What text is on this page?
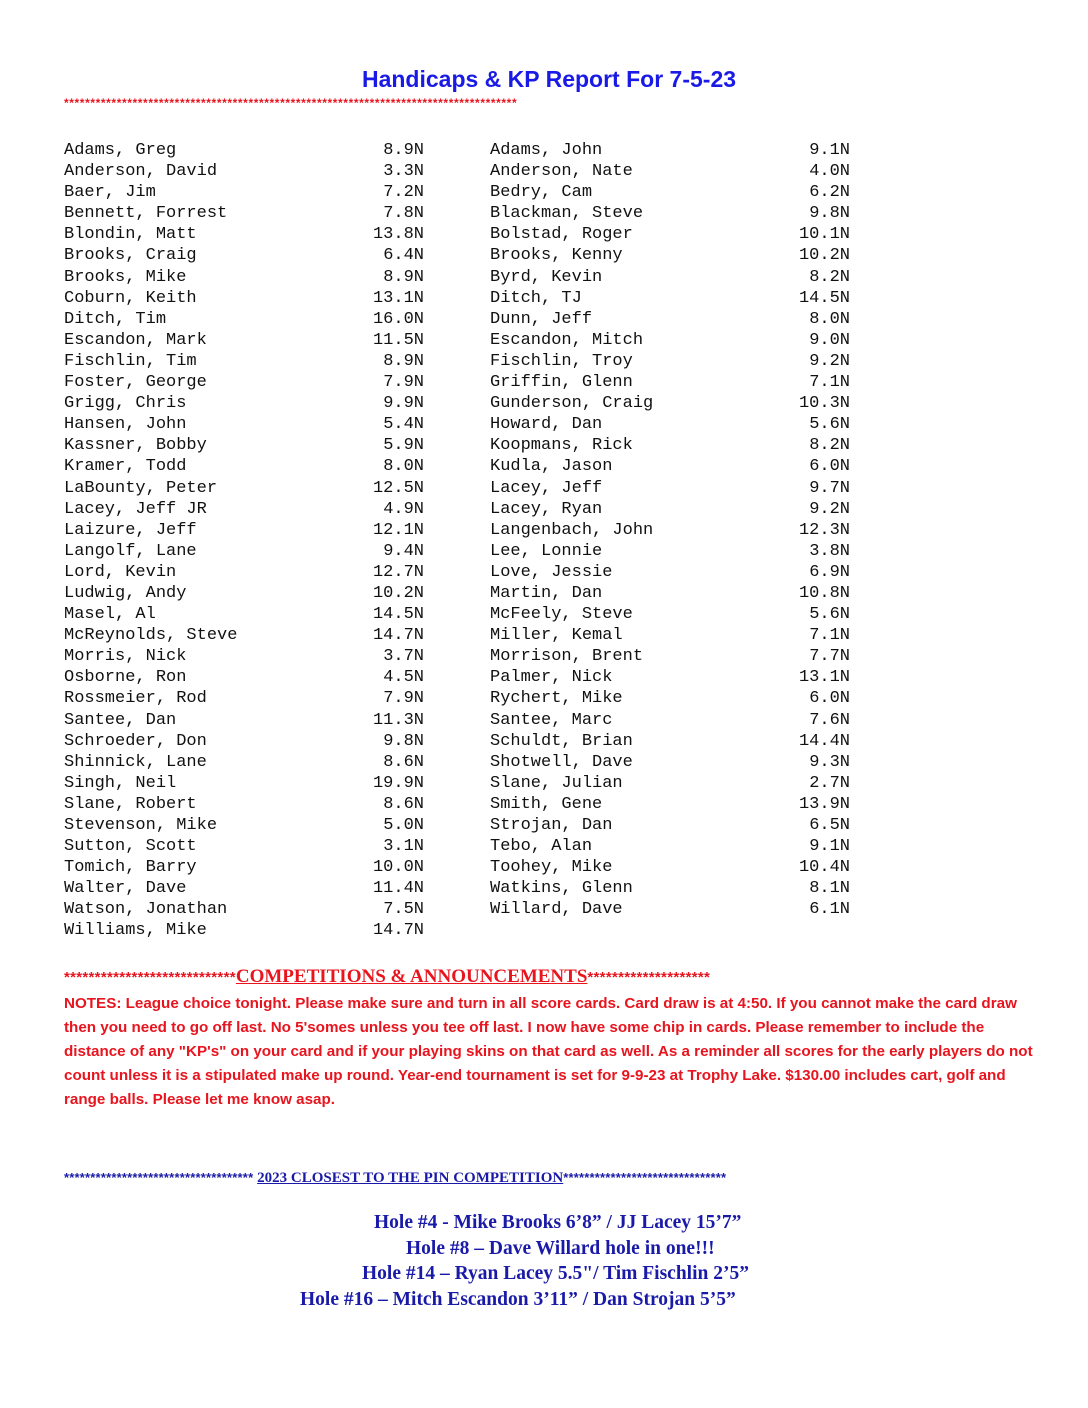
Handicaps & KP Report For 7-5-23
**************************************************************************************
Adams, Greg	8.9N
Anderson, David	3.3N
Baer, Jim	7.2N
Bennett, Forrest	7.8N
Blondin, Matt	13.8N
Brooks, Craig	6.4N
Brooks, Mike	8.9N
Coburn, Keith	13.1N
Ditch, Tim	16.0N
Escandon, Mark	11.5N
Fischlin, Tim	8.9N
Foster, George	7.9N
Grigg, Chris	9.9N
Hansen, John	5.4N
Kassner, Bobby	5.9N
Kramer, Todd	8.0N
LaBounty, Peter	12.5N
Lacey, Jeff JR	4.9N
Laizure, Jeff	12.1N
Langolf, Lane	9.4N
Lord, Kevin	12.7N
Ludwig, Andy	10.2N
Masel, Al	14.5N
McReynolds, Steve	14.7N
Morris, Nick	3.7N
Osborne, Ron	4.5N
Rossmeier, Rod	7.9N
Santee, Dan	11.3N
Schroeder, Don	9.8N
Shinnick, Lane	8.6N
Singh, Neil	19.9N
Slane, Robert	8.6N
Stevenson, Mike	5.0N
Sutton, Scott	3.1N
Tomich, Barry	10.0N
Walter, Dave	11.4N
Watson, Jonathan	7.5N
Williams, Mike	14.7N
Adams, John	9.1N
Anderson, Nate	4.0N
Bedry, Cam	6.2N
Blackman, Steve	9.8N
Bolstad, Roger	10.1N
Brooks, Kenny	10.2N
Byrd, Kevin	8.2N
Ditch, TJ	14.5N
Dunn, Jeff	8.0N
Escandon, Mitch	9.0N
Fischlin, Troy	9.2N
Griffin, Glenn	7.1N
Gunderson, Craig	10.3N
Howard, Dan	5.6N
Koopmans, Rick	8.2N
Kudla, Jason	6.0N
Lacey, Jeff	9.7N
Lacey, Ryan	9.2N
Langenbach, John	12.3N
Lee, Lonnie	3.8N
Love, Jessie	6.9N
Martin, Dan	10.8N
McFeely, Steve	5.6N
Miller, Kemal	7.1N
Morrison, Brent	7.7N
Palmer, Nick	13.1N
Rychert, Mike	6.0N
Santee, Marc	7.6N
Schuldt, Brian	14.4N
Shotwell, Dave	9.3N
Slane, Julian	2.7N
Smith, Gene	13.9N
Strojan, Dan	6.5N
Tebo, Alan	9.1N
Toohey, Mike	10.4N
Watkins, Glenn	8.1N
Willard, Dave	6.1N

****************************COMPETITIONS & ANNOUNCEMENTS********************

NOTES: League choice tonight. Please make sure and turn in all score cards. Card draw is at 4:50. If you cannot make the card draw then you need to go off last. No 5'somes unless you tee off last. I now have some chip in cards. Please remember to include the distance of any "KP's" on your card and if your playing skins on that card as well. As a reminder all scores for the early players do not count unless it is a stipulated make up round. Year-end tournament is set for 9-9-23 at Trophy Lake. $130.00 includes cart, golf and range balls. Please let me know asap.

************************************ 2023 CLOSEST TO THE PIN COMPETITION*******************************

Hole #4 - Mike Brooks 6’8” / JJ Lacey 15’7”

Hole #8 – Dave Willard hole in one!!!

Hole #14 – Ryan Lacey 5.5"/ Tim Fischlin 2’5”

Hole #16 – Mitch Escandon 3’11” / Dan Strojan 5’5”
